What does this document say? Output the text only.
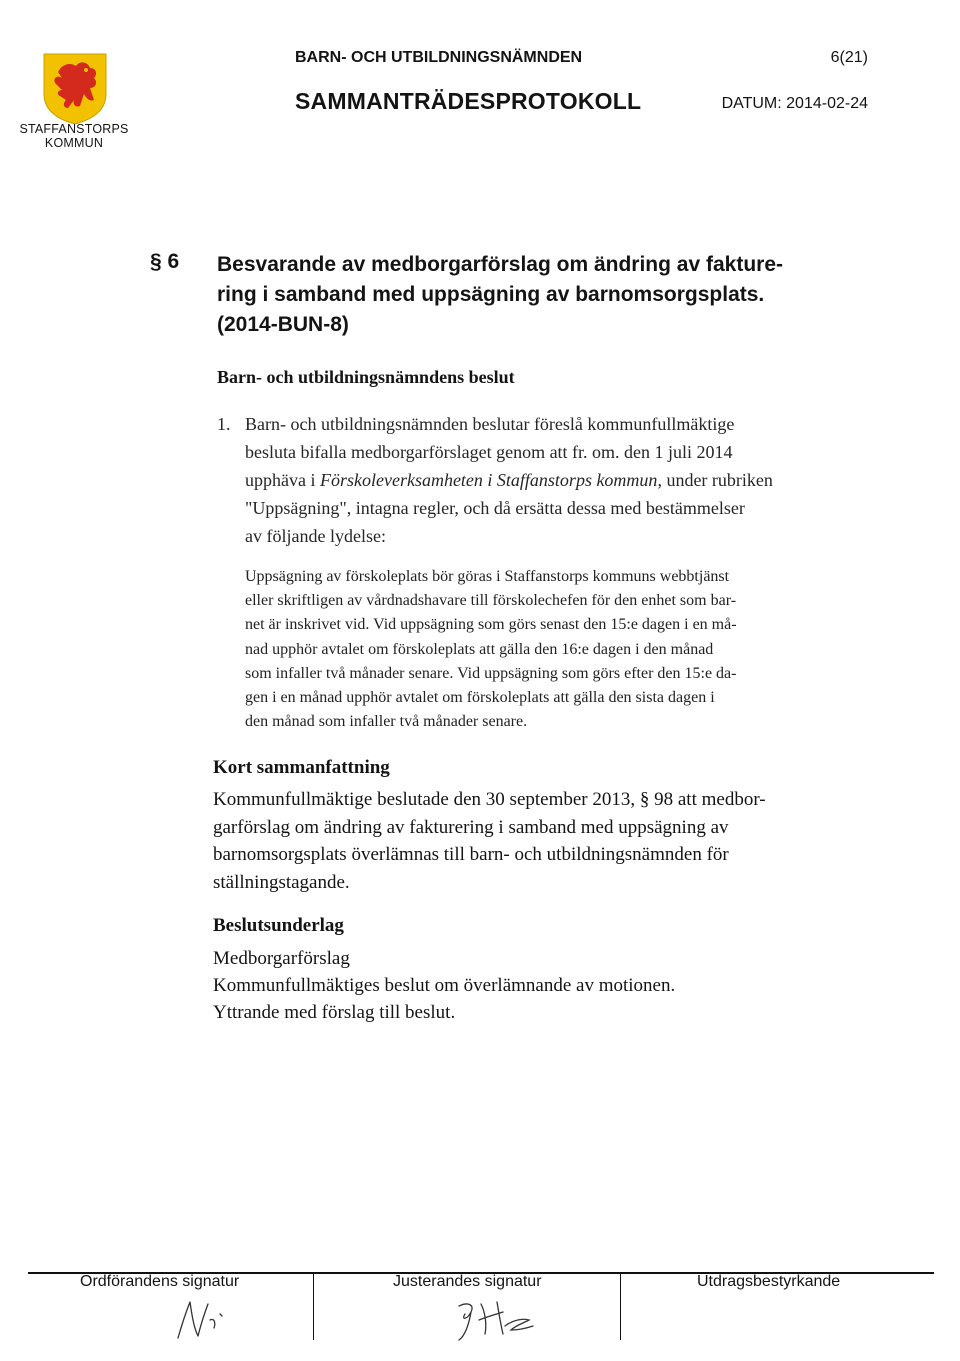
STAFFANSTORPS
KOMMUN
BARN- OCH UTBILDNINGSNÄMNDEN	6(21)
SAMMANTRÄDESPROTOKOLL	DATUM: 2014-02-24
§ 6 Besvarande av medborgarförslag om ändring av fakture-
ring i samband med uppsägning av barnomsorgsplats.
(2014-BUN-8)
Barn- och utbildningsnämndens beslut
1. Barn- och utbildningsnämnden beslutar föreslå kommunfullmäktige
besluta bifalla medborgarförslaget genom att fr. om. den 1 juli 2014
upphäva i Förskoleverksamheten i Staffanstorps kommun, under rubriken
"Uppsägning", intagna regler, och då ersätta dessa med bestämmelser
av följande lydelse:
Uppsägning av förskoleplats bör göras i Staffanstorps kommuns webbtjänst
eller skriftligen av vårdnadshavare till förskolechefen för den enhet som bar-
net är inskrivet vid. Vid uppsägning som görs senast den 15:e dagen i en må-
nad upphör avtalet om förskoleplats att gälla den 16:e dagen i den månad
som infaller två månader senare. Vid uppsägning som görs efter den 15:e da-
gen i en månad upphör avtalet om förskoleplats att gälla den sista dagen i
den månad som infaller två månader senare.
Kort sammanfattning
Kommunfullmäktige beslutade den 30 september 2013, § 98 att medbor-
garförslag om ändring av fakturering i samband med uppsägning av
barnomsorgsplats överlämnas till barn- och utbildningsnämnden för
ställningstagande.
Beslutsunderlag
Medborgarförslag
Kommunfullmäktiges beslut om överlämnande av motionen.
Yttrande med förslag till beslut.
Ordförandens signatur	Justerandes signatur	Utdragsbestyrkande
